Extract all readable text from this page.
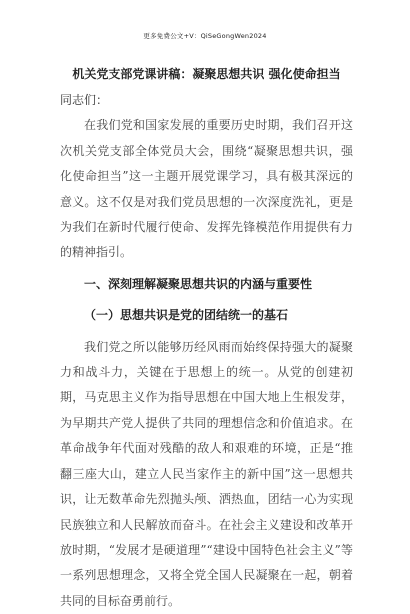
更多免费公文+V：QiSeGongWen2024
机关党支部党课讲稿：凝聚思想共识 强化使命担当

同志们：

在我们党和国家发展的重要历史时期，我们召开这次机关党支部全体党员大会，围绕“凝聚思想共识，强化使命担当”这一主题开展党课学习，具有极其深远的意义。这不仅是对我们党员思想的一次深度洗礼，更是为我们在新时代履行使命、发挥先锋模范作用提供有力的精神指引。

一、深刻理解凝聚思想共识的内涵与重要性

（一）思想共识是党的团结统一的基石

我们党之所以能够历经风雨而始终保持强大的凝聚力和战斗力，关键在于思想上的统一。从党的创建初期，马克思主义作为指导思想在中国大地上生根发芽，为早期共产党人提供了共同的理想信念和价值追求。在革命战争年代面对残酷的敌人和艰难的环境，正是“推翻三座大山，建立人民当家作主的新中国”这一思想共识，让无数革命先烈抛头颅、洒热血，团结一心为实现民族独立和人民解放而奋斗。在社会主义建设和改革开放时期，“发展才是硬道理”“建设中国特色社会主义”等一系列思想理念，又将全党全国人民凝聚在一起，朝着共同的目标奋勇前行。
